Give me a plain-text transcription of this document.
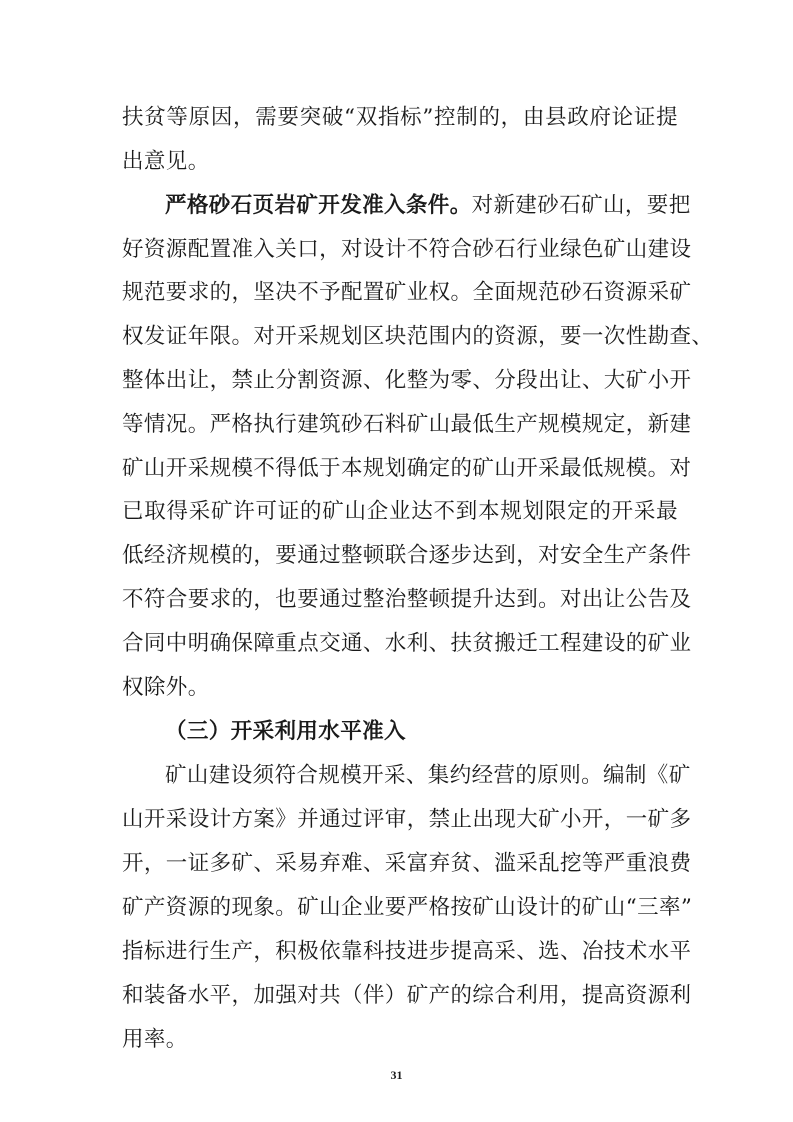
扶贫等原因，需要突破“双指标”控制的，由县政府论证提
出意见。
严格砂石页岩矿开发准入条件。对新建砂石矿山，要把
好资源配置准入关口，对设计不符合砂石行业绿色矿山建设
规范要求的，坚决不予配置矿业权。全面规范砂石资源采矿
权发证年限。对开采规划区块范围内的资源，要一次性勘查、
整体出让，禁止分割资源、化整为零、分段出让、大矿小开
等情况。严格执行建筑砂石料矿山最低生产规模规定，新建
矿山开采规模不得低于本规划确定的矿山开采最低规模。对
已取得采矿许可证的矿山企业达不到本规划限定的开采最
低经济规模的，要通过整顿联合逐步达到，对安全生产条件
不符合要求的，也要通过整治整顿提升达到。对出让公告及
合同中明确保障重点交通、水利、扶贫搬迁工程建设的矿业
权除外。
（三）开采利用水平准入
矿山建设须符合规模开采、集约经营的原则。编制《矿
山开采设计方案》并通过评审，禁止出现大矿小开，一矿多
开，一证多矿、采易弃难、采富弃贫、滥采乱挖等严重浪费
矿产资源的现象。矿山企业要严格按矿山设计的矿山“三率”
指标进行生产，积极依靠科技进步提高采、选、冶技术水平
和装备水平，加强对共（伴）矿产的综合利用，提高资源利
31
用率。
